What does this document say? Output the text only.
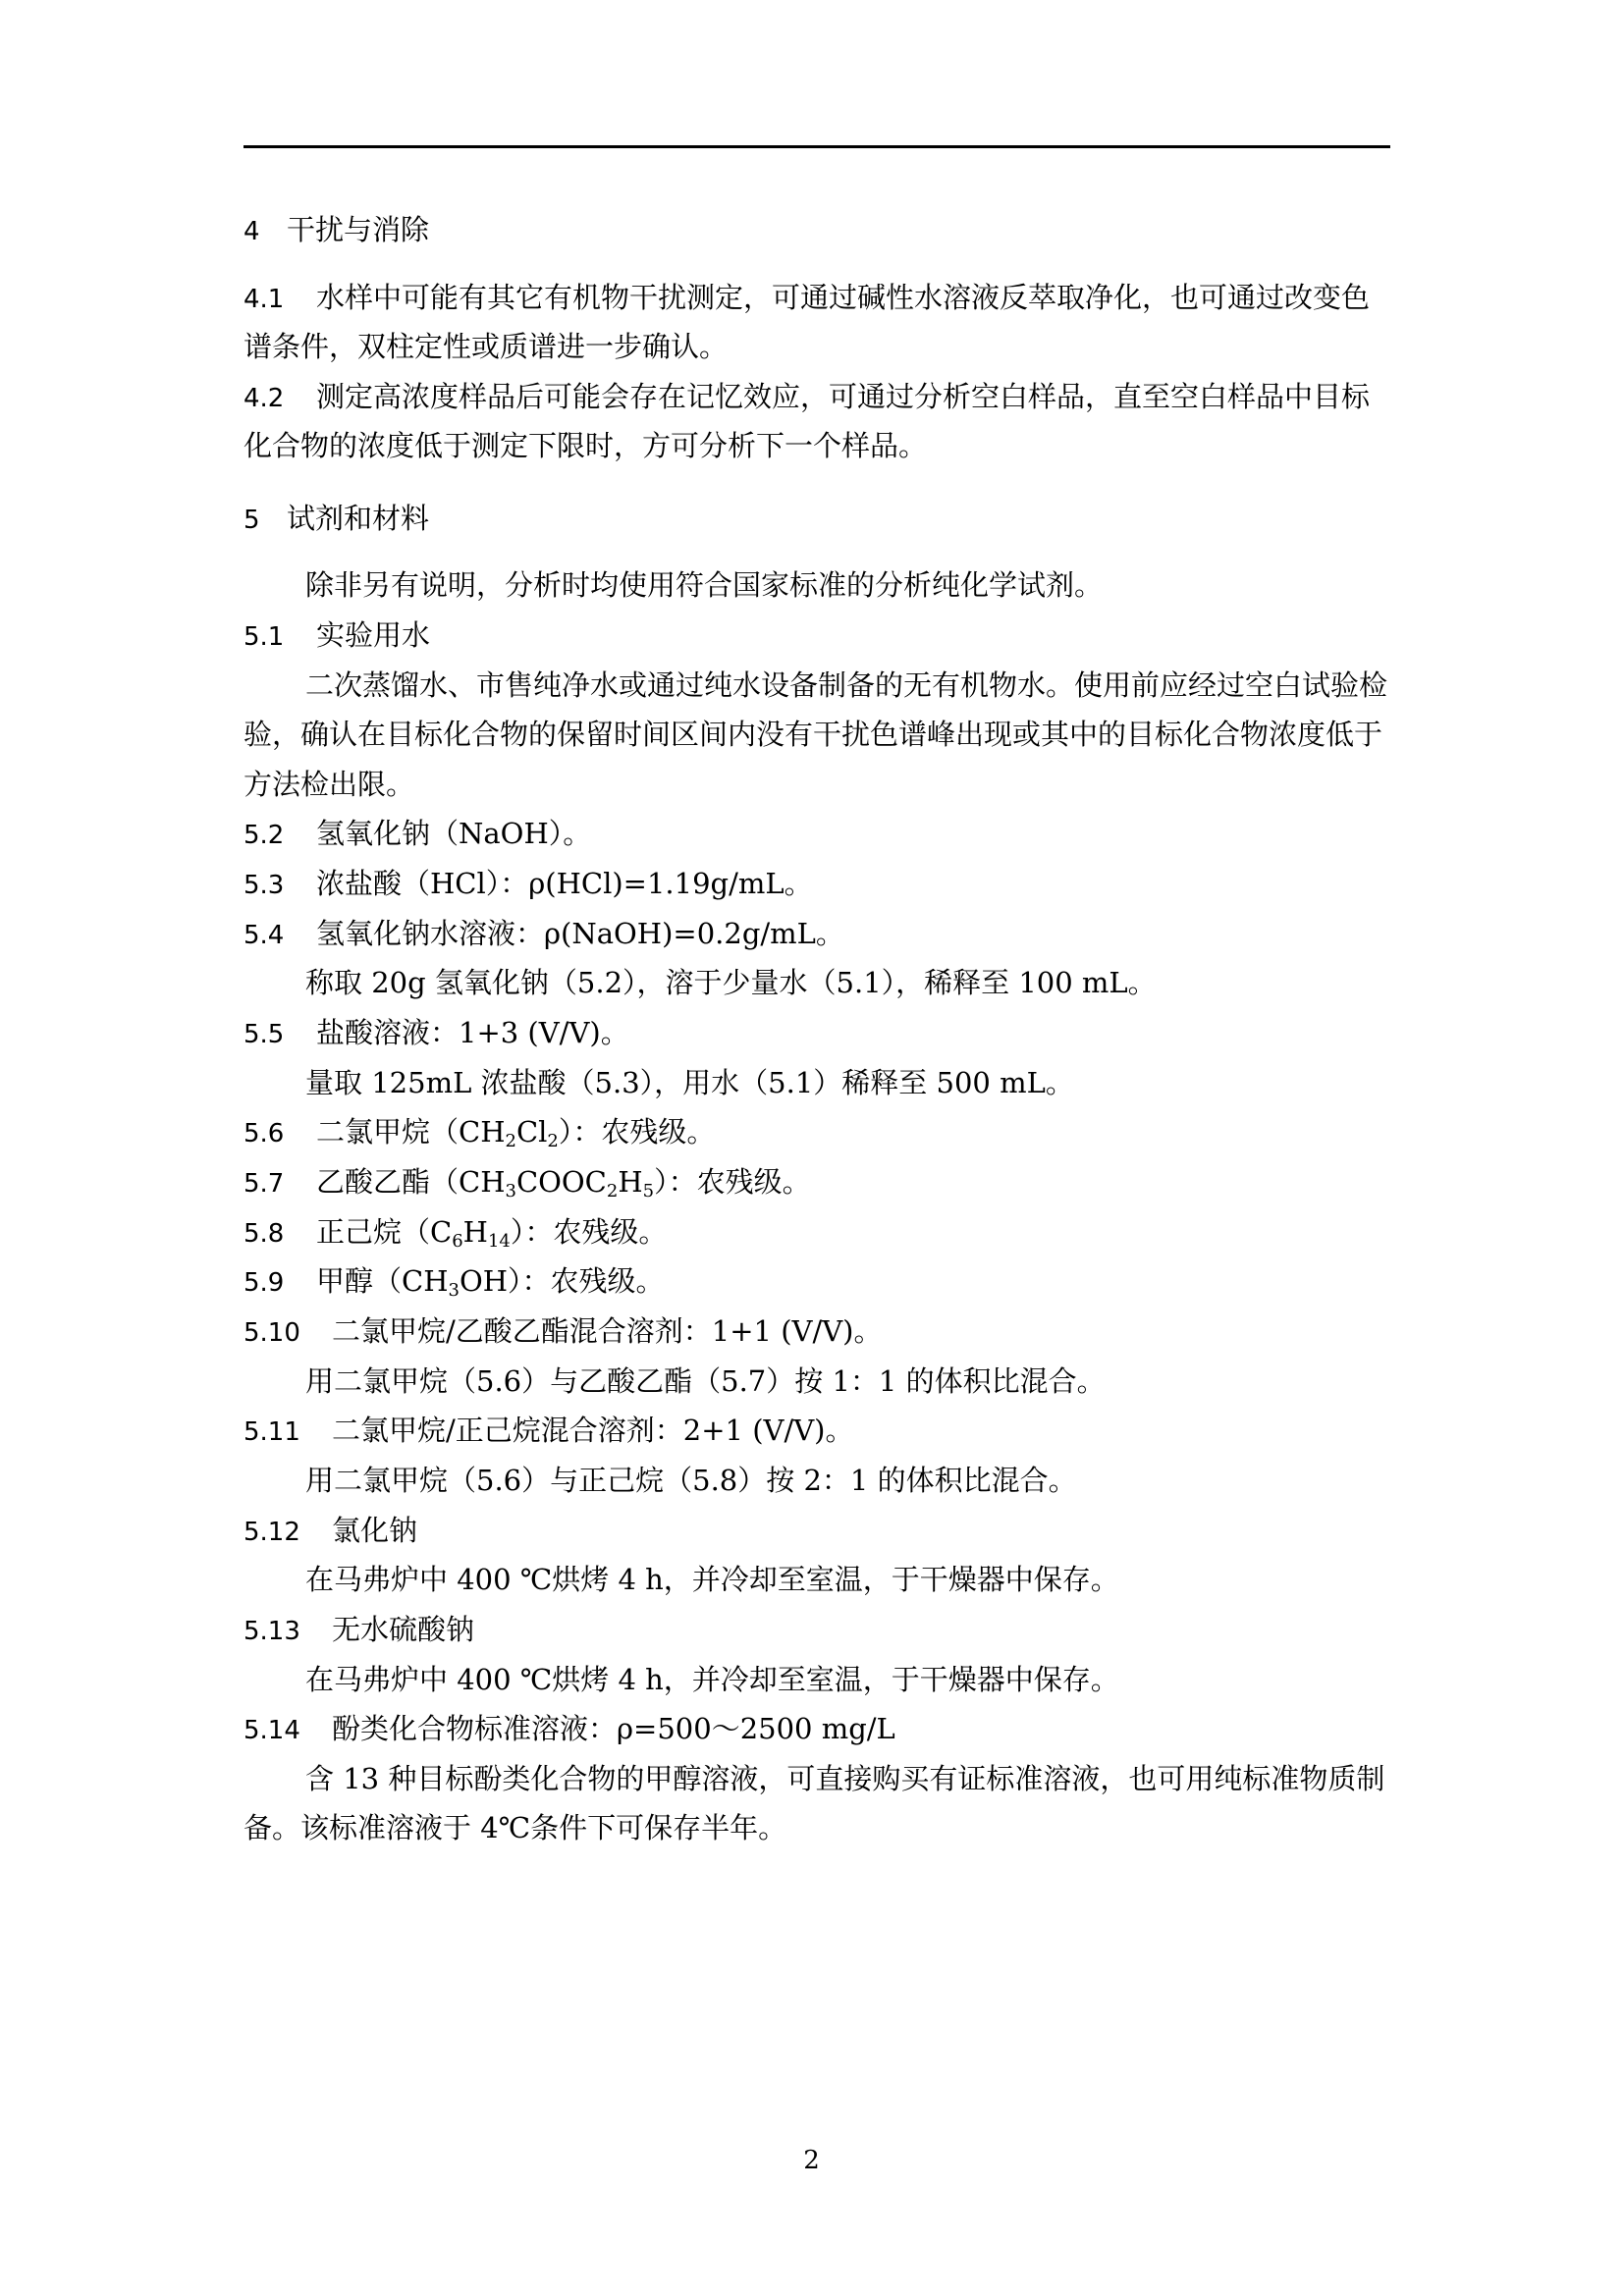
4 干扰与消除
4.1 水样中可能有其它有机物干扰测定，可通过碱性水溶液反萃取净化，也可通过改变色
谱条件，双柱定性或质谱进一步确认。
4.2 测定高浓度样品后可能会存在记忆效应，可通过分析空白样品，直至空白样品中目标
化合物的浓度低于测定下限时，方可分析下一个样品。
5 试剂和材料
除非另有说明，分析时均使用符合国家标准的分析纯化学试剂。
5.1 实验用水
二次蒸馏水、市售纯净水或通过纯水设备制备的无有机物水。使用前应经过空白试验检
验，确认在目标化合物的保留时间区间内没有干扰色谱峰出现或其中的目标化合物浓度低于
方法检出限。
5.2 氢氧化钠（NaOH）。
5.3 浓盐酸（HCl）：ρ(HCl)=1.19g/mL。
5.4 氢氧化钠水溶液：ρ(NaOH)=0.2g/mL。
称取 20g 氢氧化钠（5.2），溶于少量水（5.1），稀释至 100 mL。
5.5 盐酸溶液：1+3 (V/V)。
量取 125mL 浓盐酸（5.3），用水（5.1）稀释至 500 mL。
5.6 二氯甲烷$(CH_2Cl_2)$：农残级。
5.7 乙酸乙酯$(CH_3COOC_2H_5)$：农残级。
5.8 正己烷$(C_6H_{14})$：农残级。
5.9 甲醇$(CH_3OH)$：农残级。
5.10 二氯甲烷/乙酸乙酯混合溶剂：1+1 (V/V)。
用二氯甲烷（5.6）与乙酸乙酯（5.7）按 1：1 的体积比混合。
5.11 二氯甲烷/正己烷混合溶剂：2+1 (V/V)。
用二氯甲烷（5.6）与正己烷（5.8）按 2：1 的体积比混合。
5.12 氯化钠
在马弗炉中 400 ℃烘烤 4 h，并冷却至室温，于干燥器中保存。
5.13 无水硫酸钠
在马弗炉中 400 ℃烘烤 4 h，并冷却至室温，于干燥器中保存。
5.14 酚类化合物标准溶液：ρ=500～2500 mg/L
含 13 种目标酚类化合物的甲醇溶液，可直接购买有证标准溶液，也可用纯标准物质制
备。该标准溶液于 4℃条件下可保存半年。
2
